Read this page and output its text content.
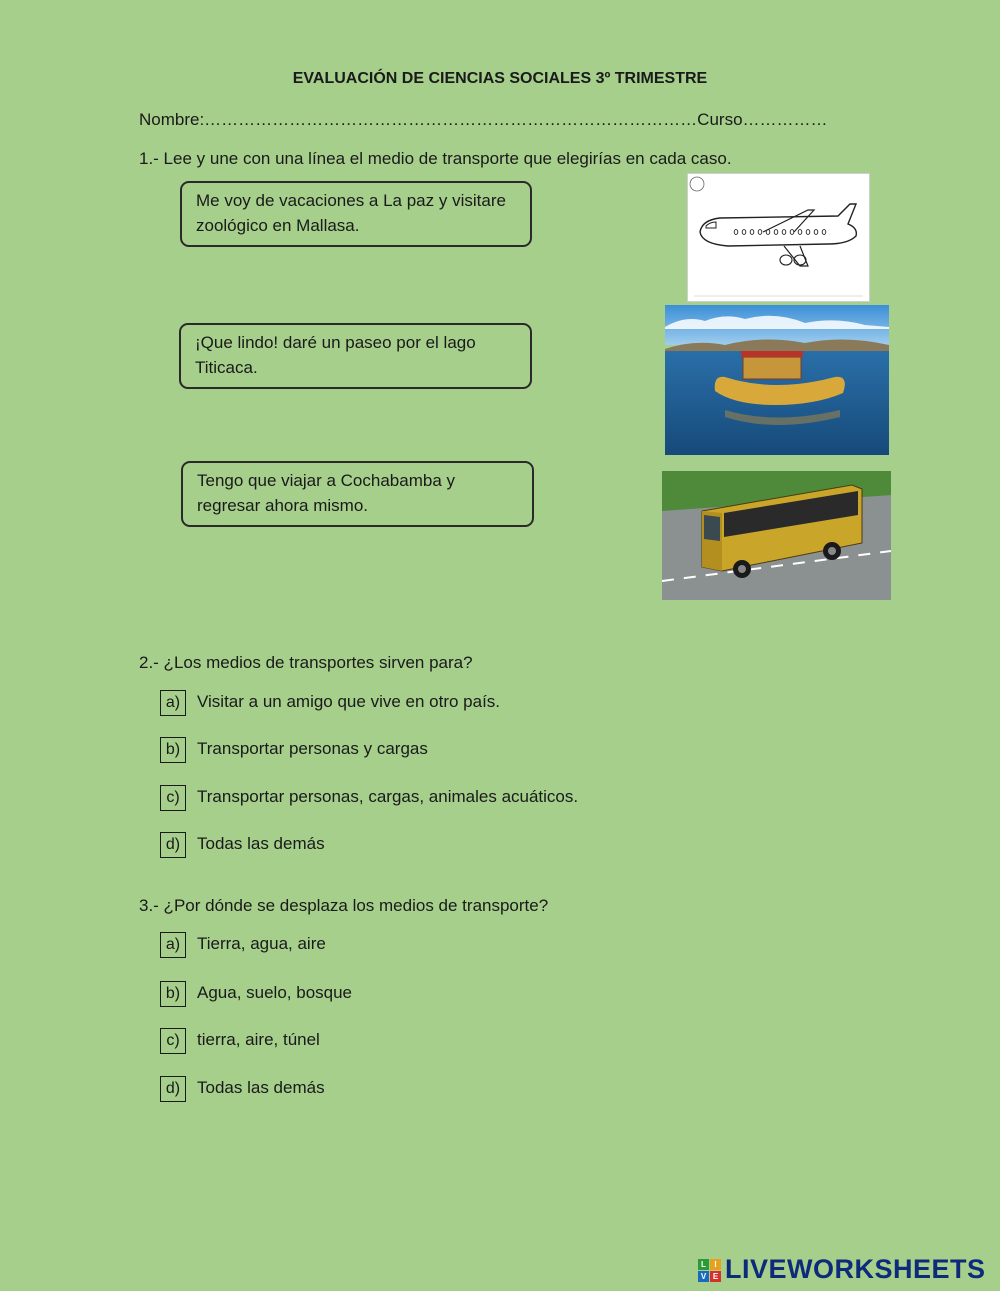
EVALUACIÓN DE CIENCIAS SOCIALES 3º TRIMESTRE
Nombre:……………………………………………………………………………Curso……………
1.- Lee y une con una línea el medio de transporte que elegirías en cada caso.
Me voy de vacaciones a La paz y visitare
zoológico en Mallasa.
¡Que lindo! daré un paseo por el lago
Titicaca.
Tengo que viajar a Cochabamba y
regresar ahora mismo.
2.- ¿Los medios de transportes sirven para?
a) Visitar a un amigo que vive en otro país.
b) Transportar personas y cargas
c)	Transportar personas, cargas, animales acuáticos.
d) Todas las demás
3.- ¿Por dónde se desplaza los medios de transporte?
a) Tierra, agua, aire
b) Agua, suelo, bosque
c)	tierra, aire, túnel
d) Todas las demás
L	I
V E LIVEWORKSHEETS
